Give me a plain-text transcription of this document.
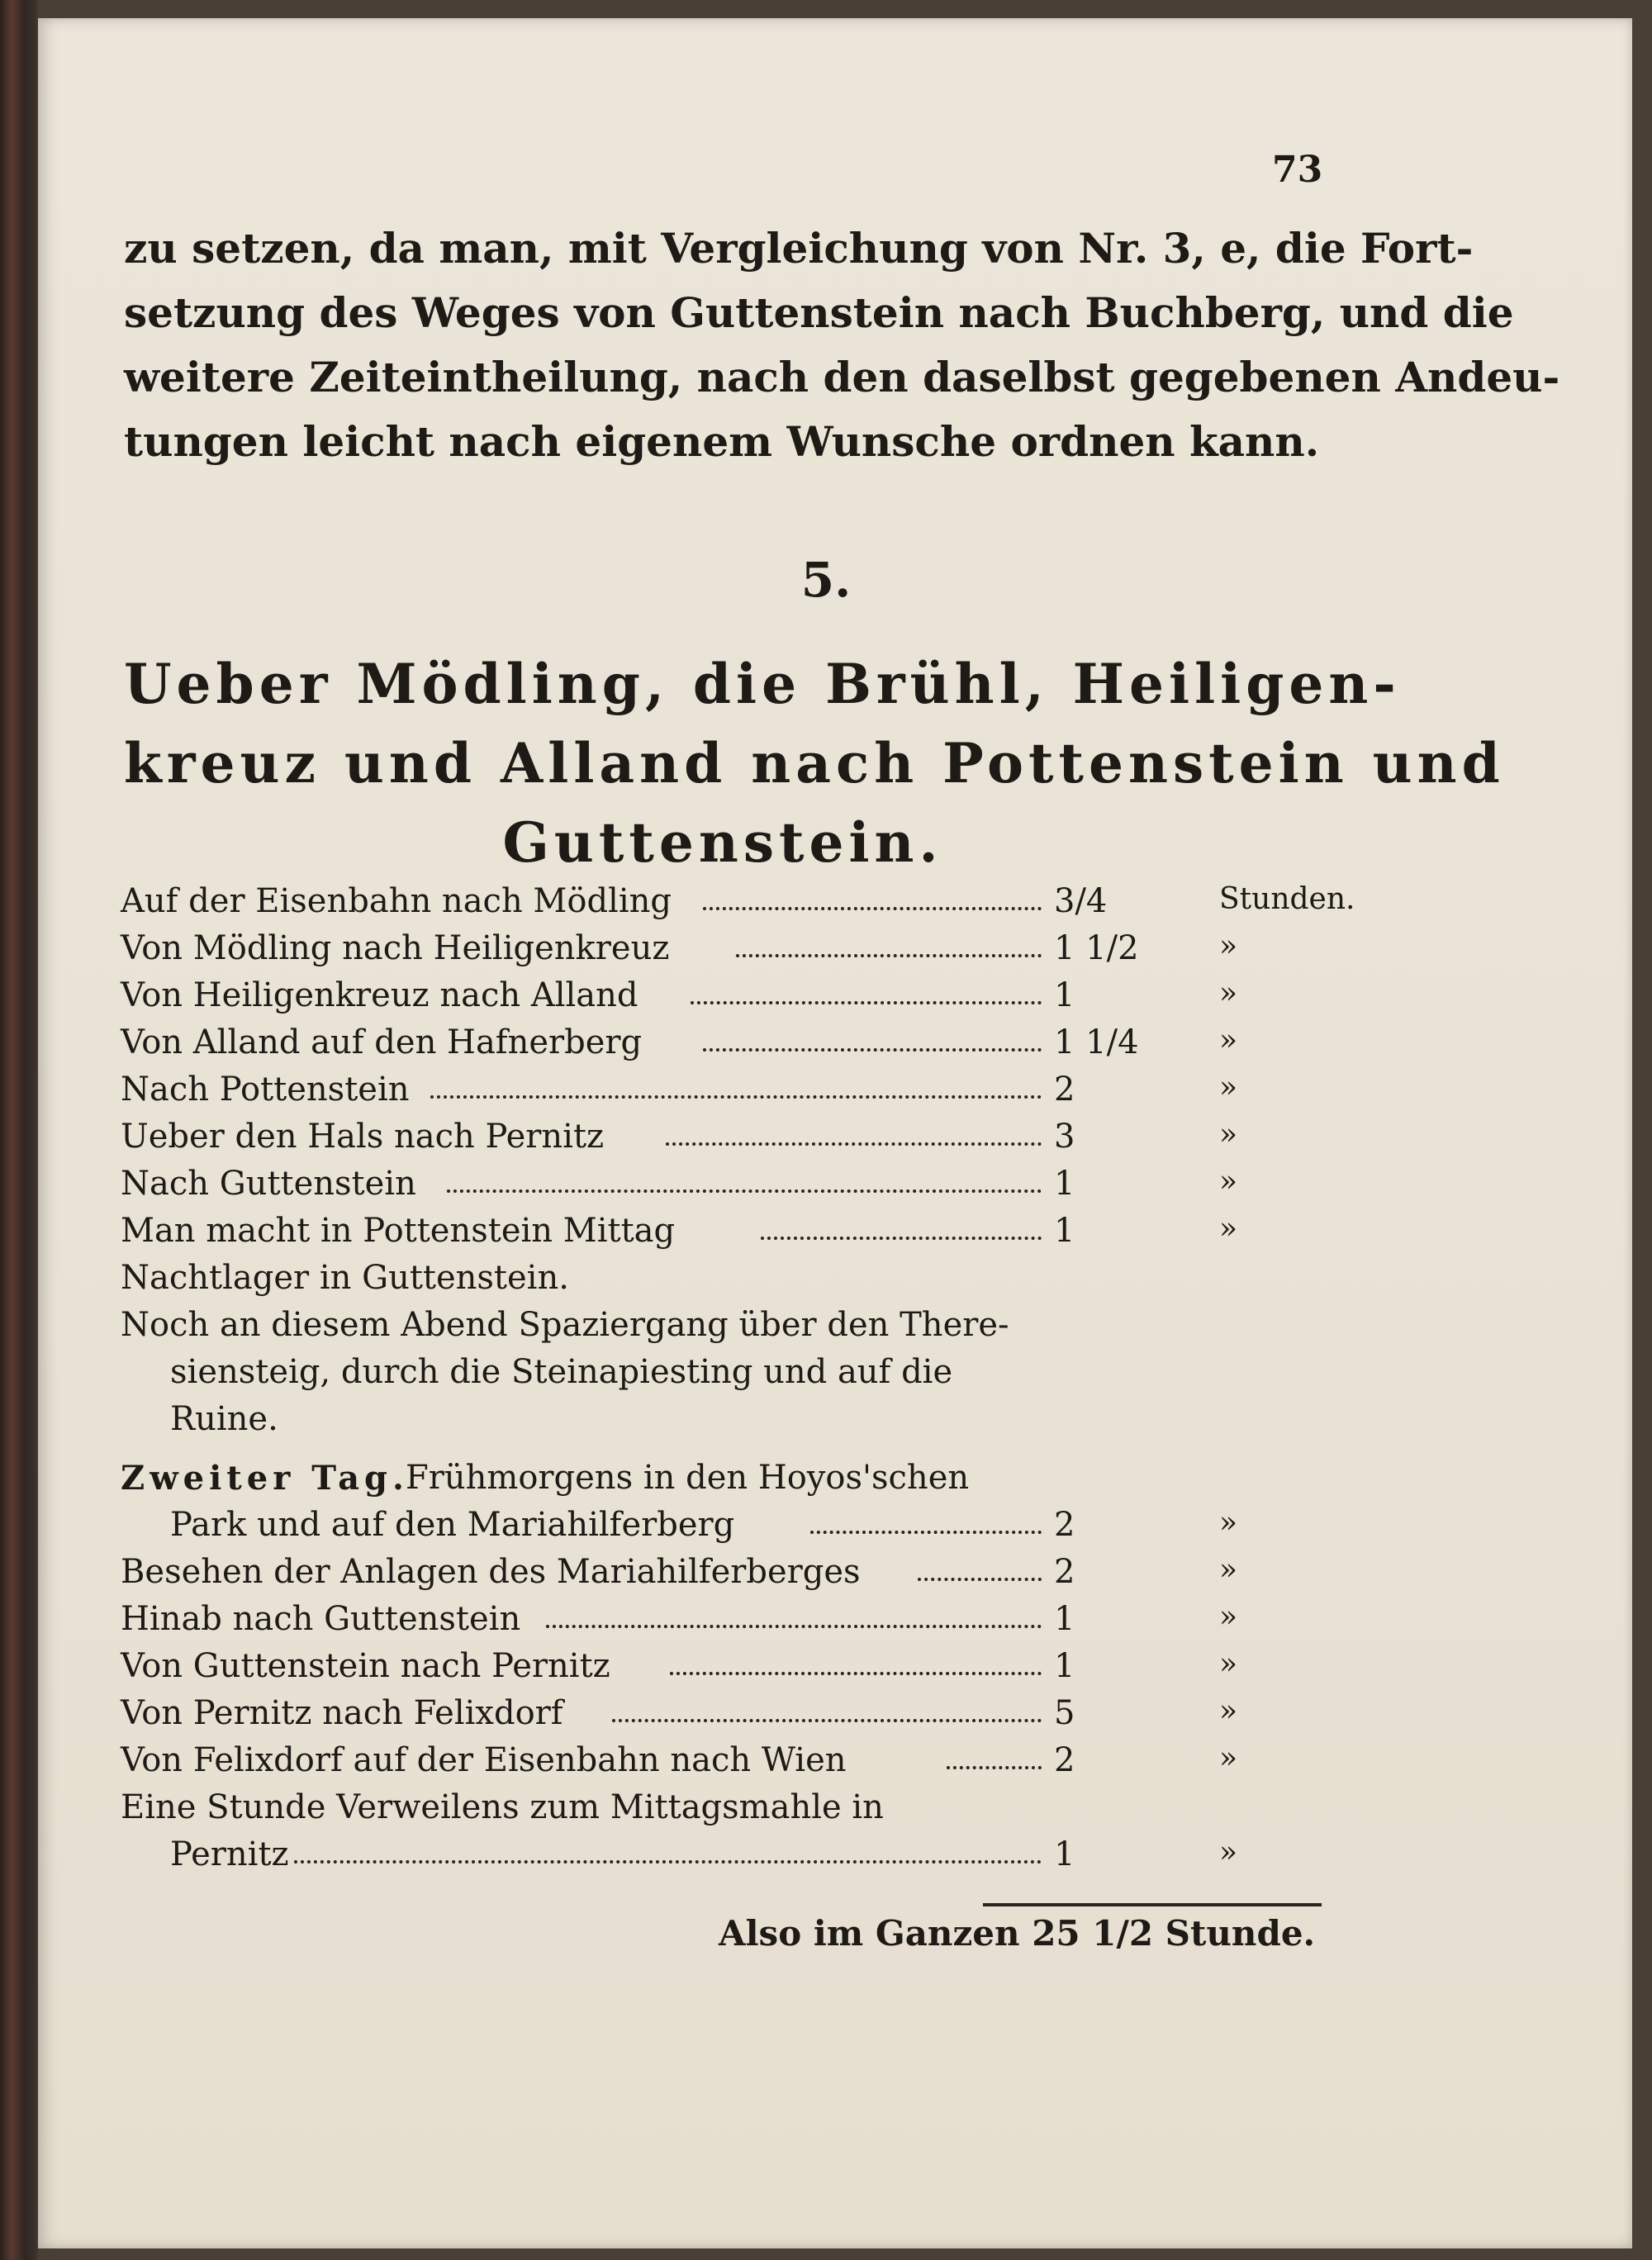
73
zu setzen, da man, mit Vergleichung von Nr. 3, e, die Fort-
setzung des Weges von Guttenstein nach Buchberg, und die
weitere Zeiteintheilung, nach den daselbst gegebenen Andeu-
tungen leicht nach eigenem Wunsche ordnen kann.
5.
Ueber Mödling, die Brühl, Heiligen-
kreuz und Alland nach Pottenstein und
Guttenstein.
Auf der Eisenbahn nach Mödling	3/4	Stunden.
Von Mödling nach Heiligenkreuz	1 1/2	»
Von Heiligenkreuz nach Alland	1	»
Von Alland auf den Hafnerberg	1 1/4	»
Nach Pottenstein	2	»
Ueber den Hals nach Pernitz	3	»
Nach Guttenstein	1	»
Man macht in Pottenstein Mittag	1	»
Nachtlager in Guttenstein.
Noch an diesem Abend Spaziergang über den There-
siensteig, durch die Steinapiesting und auf die
Ruine.
Zweiter Tag.
Frühmorgens in den Hoyos'schen
Park und auf den Mariahilferberg	2	»
Besehen der Anlagen des Mariahilferberges	2	»
Hinab nach Guttenstein	1	»
Von Guttenstein nach Pernitz	1	»
Von Pernitz nach Felixdorf	5	»
Von Felixdorf auf der Eisenbahn nach Wien	2	»
Eine Stunde Verweilens zum Mittagsmahle in
Pernitz	1	»
Also im Ganzen 25 1/2 Stunde.
